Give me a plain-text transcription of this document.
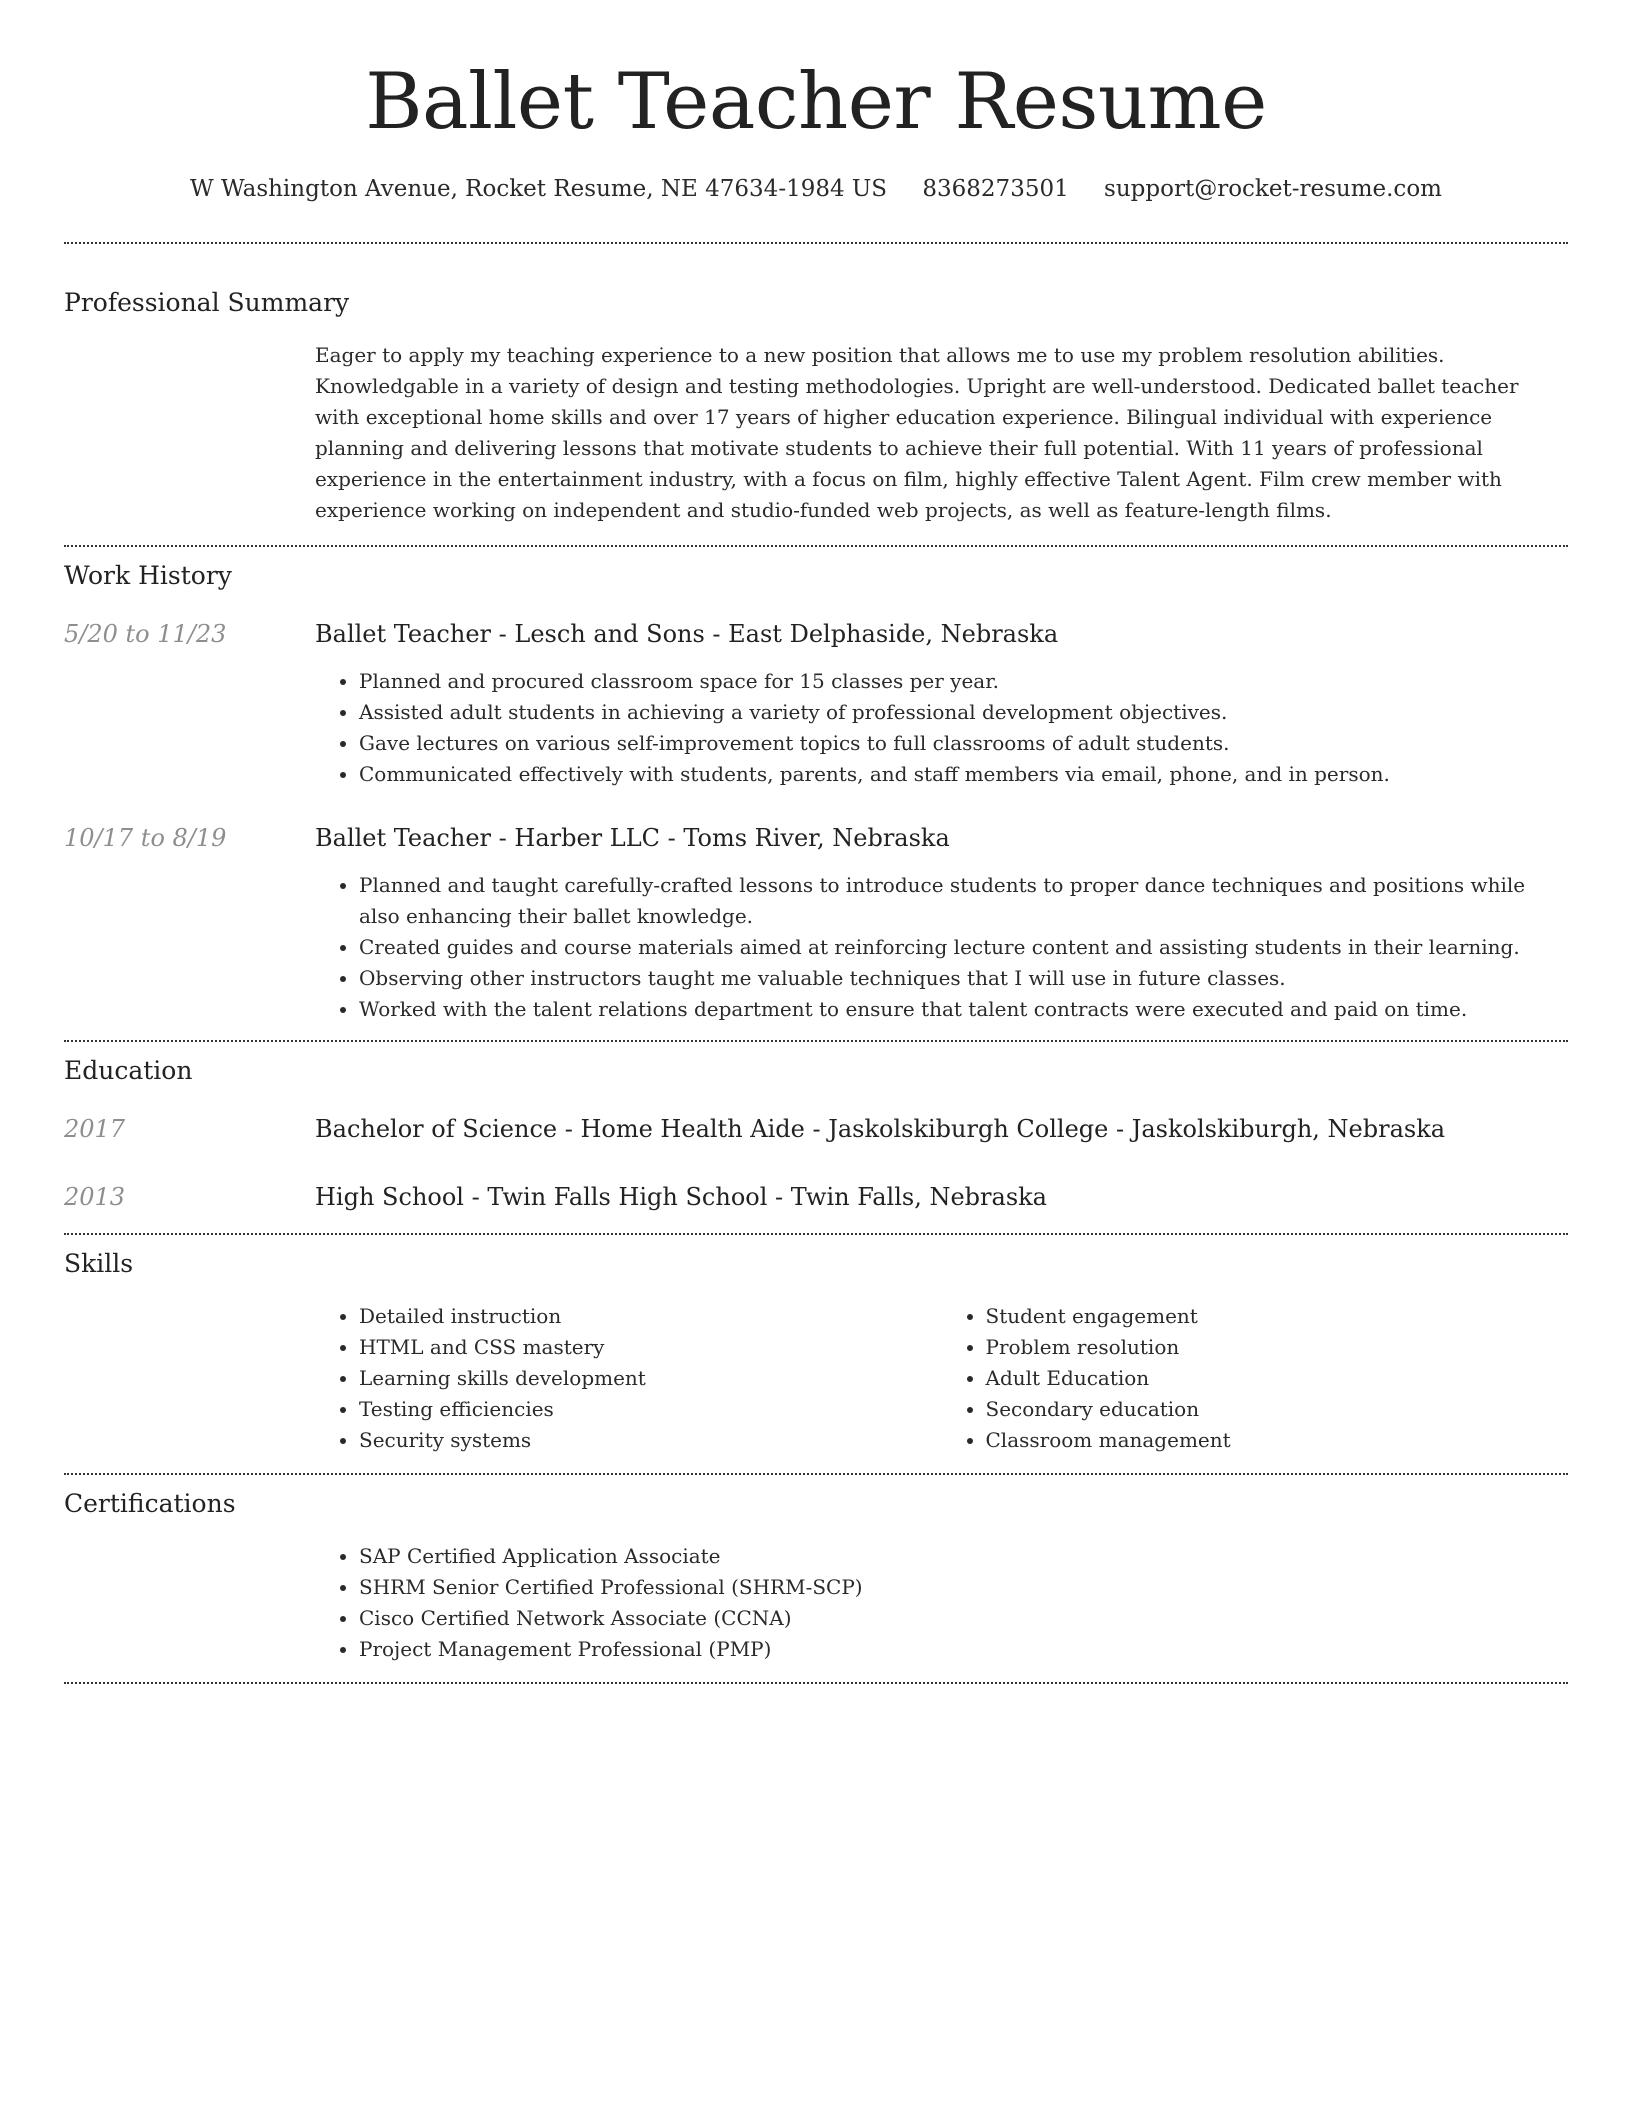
Ballet Teacher Resume
W Washington Avenue, Rocket Resume, NE 47634-1984 US 8368273501 support@rocket-resume.com
Professional Summary

Eager to apply my teaching experience to a new position that allows me to use my problem resolution abilities. Knowledgable in a variety of design and testing methodologies. Upright are well-understood. Dedicated ballet teacher with exceptional home skills and over 17 years of higher education experience. Bilingual individual with experience planning and delivering lessons that motivate students to achieve their full potential. With 11 years of professional experience in the entertainment industry, with a focus on film, highly effective Talent Agent. Film crew member with experience working on independent and studio-funded web projects, as well as feature-length films.

Work History
5/20 to 11/23	Ballet Teacher - Lesch and Sons - East Delphaside, Nebraska

• Planned and procured classroom space for 15 classes per year.
• Assisted adult students in achieving a variety of professional development objectives.
• Gave lectures on various self-improvement topics to full classrooms of adult students.
• Communicated effectively with students, parents, and staff members via email, phone, and in person.
10/17 to 8/19	Ballet Teacher - Harber LLC - Toms River, Nebraska

• Planned and taught carefully-crafted lessons to introduce students to proper dance techniques and positions while also enhancing their ballet knowledge.
• Created guides and course materials aimed at reinforcing lecture content and assisting students in their learning.
• Observing other instructors taught me valuable techniques that I will use in future classes.
• Worked with the talent relations department to ensure that talent contracts were executed and paid on time.
Education
2017	Bachelor of Science - Home Health Aide - Jaskolskiburgh College - Jaskolskiburgh, Nebraska

2013	High School - Twin Falls High School - Twin Falls, Nebraska

Skills
• Detailed instruction
• HTML and CSS mastery
• Learning skills development
• Testing efficiencies
• Security systems
• Student engagement
• Problem resolution
• Adult Education
• Secondary education
• Classroom management
Certifications
• SAP Certified Application Associate
• SHRM Senior Certified Professional (SHRM-SCP)
• Cisco Certified Network Associate (CCNA)
• Project Management Professional (PMP)
